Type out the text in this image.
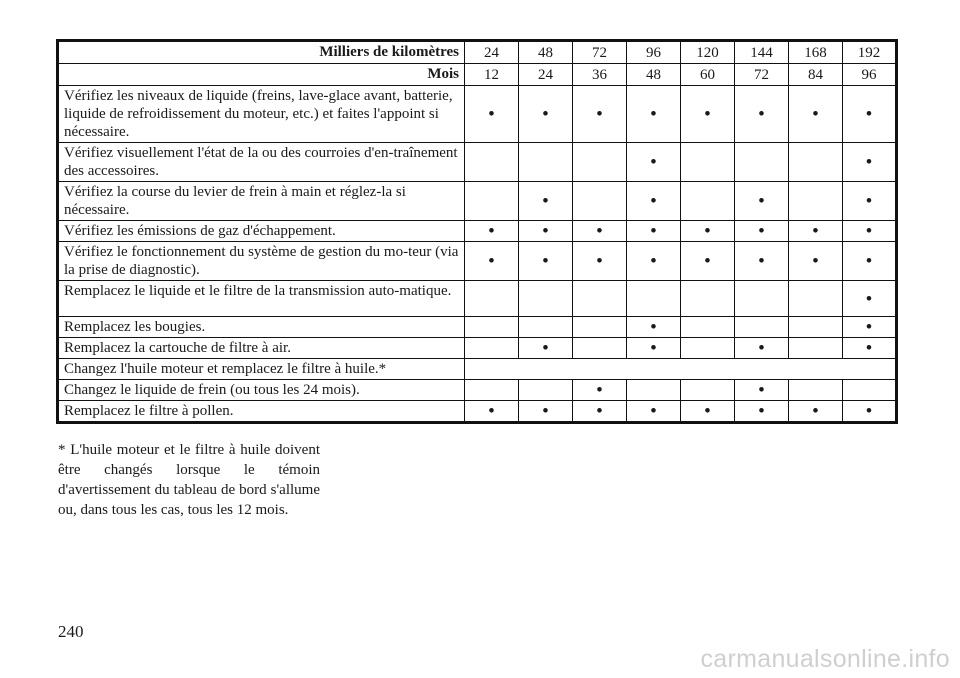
Milliers de kilomètres	24	48	72	96	120	144	168	192
Mois	12	24	36	48	60	72	84	96
Vérifiez les niveaux de liquide (freins, lave-glace avant, batterie, liquide de refroidissement du moteur, etc.) et faites l'appoint si nécessaire.	•	•	•	•	•	•	•	•
Vérifiez visuellement l'état de la ou des courroies d'en-traînement des accessoires.				•				•
Vérifiez la course du levier de frein à main et réglez-la si nécessaire.		•		•		•		•
Vérifiez les émissions de gaz d'échappement.	•	•	•	•	•	•	•	•
Vérifiez le fonctionnement du système de gestion du mo-teur (via la prise de diagnostic).	•	•	•	•	•	•	•	•
Remplacez le liquide et le filtre de la transmission auto-matique.								•
Remplacez les bougies.				•				•
Remplacez la cartouche de filtre à air.		•		•		•		•
Changez l'huile moteur et remplacez le filtre à huile.*								
Changez le liquide de frein (ou tous les 24 mois).			•			•		
Remplacez le filtre à pollen.	•	•	•	•	•	•	•	•
* L'huile moteur et le filtre à huile doivent être changés lorsque le témoin d'avertissement du tableau de bord s'allume ou, dans tous les cas, tous les 12 mois.
240
carmanualsonline.info
